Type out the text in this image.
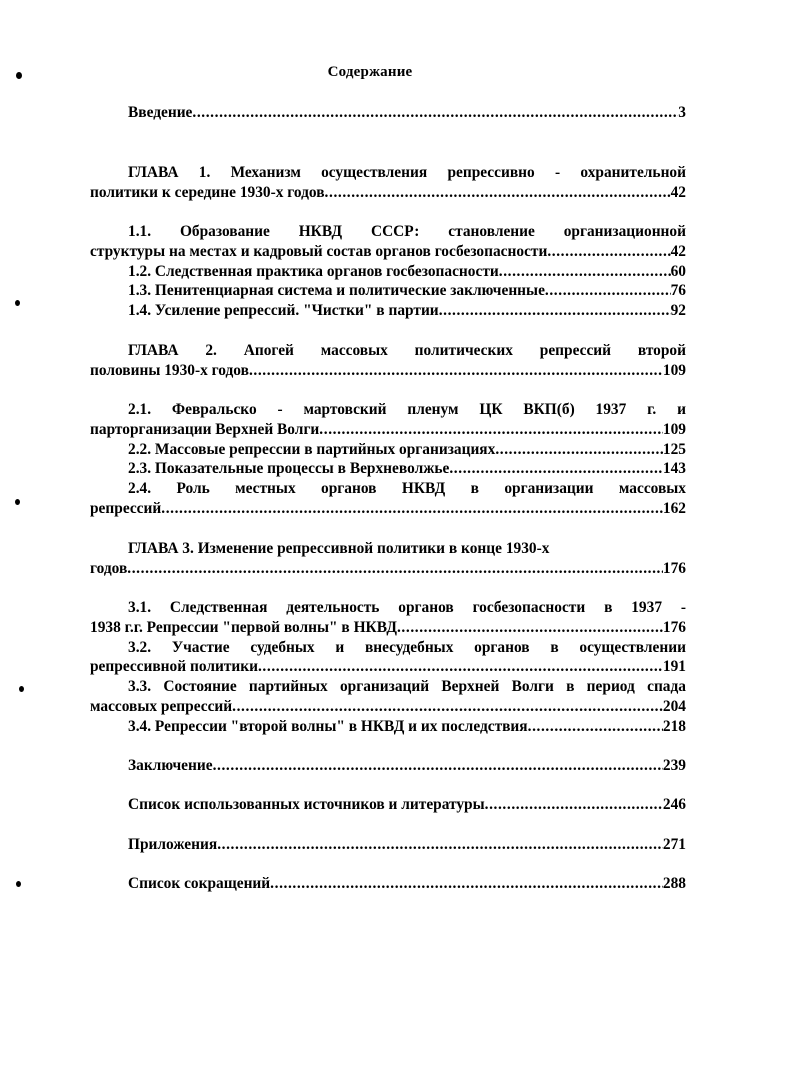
Содержание
Введение .....	3
ГЛАВА 1. Механизм осуществления репрессивно - охранительной
политики к середине 1930-х годов .....	42
1.1. Образование НКВД СССР: становление организационной
структуры на местах и кадровый состав органов госбезопасности .....	42
1.2. Следственная практика органов госбезопасности .....	60
1.3. Пенитенциарная система и политические заключенные .....	76
1.4. Усиление репрессий. "Чистки" в партии .....	92
ГЛАВА 2. Апогей массовых политических репрессий второй
половины 1930-х годов .....	109
2.1. Февральско - мартовский пленум ЦК ВКП(б) 1937 г. и
парторганизации Верхней Волги .....	109
2.2. Массовые репрессии в партийных организациях .....	125
2.3. Показательные процессы в Верхневолжье .....	143
2.4. Роль местных органов НКВД в организации массовых
репрессий .....	162
ГЛАВА 3. Изменение репрессивной политики в конце 1930-х
годов .....	176
3.1. Следственная деятельность органов госбезопасности в 1937 -
1938 г.г. Репрессии "первой волны" в НКВД .....	176
3.2. Участие судебных и внесудебных органов в осуществлении
репрессивной политики .....	191
3.3. Состояние партийных организаций Верхней Волги в период спада
массовых репрессий .....	204
3.4. Репрессии "второй волны" в НКВД и их последствия .....	218
Заключение .....	239
Список использованных источников и литературы .....	246
Приложения .....	271
Список сокращений .....	288
